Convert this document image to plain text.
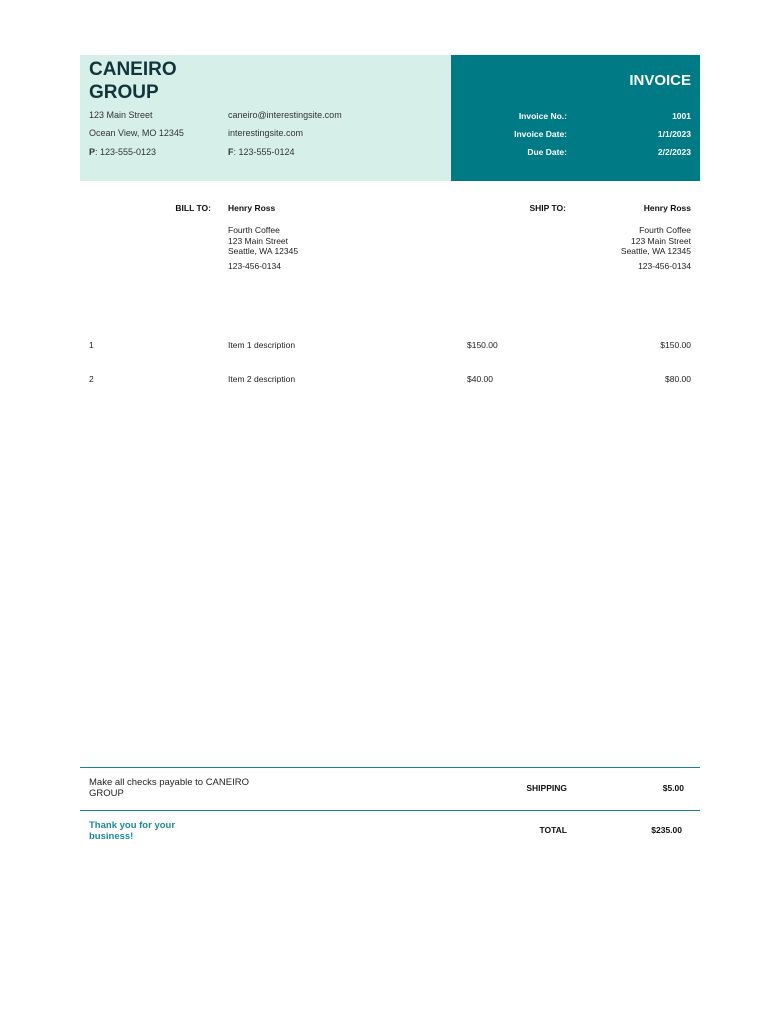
CANEIRO GROUP
123 Main Street
Ocean View, MO 12345
P: 123-555-0123
caneiro@interestingsite.com
interestingsite.com
F: 123-555-0124
INVOICE
Invoice No.:	1001
Invoice Date:	1/1/2023
Due Date:	2/2/2023
BILL TO: Henry Ross
Fourth Coffee
123 Main Street
Seattle, WA 12345
123-456-0134
SHIP TO:	Henry Ross
Fourth Coffee
123 Main Street
Seattle, WA 12345
123-456-0134
1	Item 1 description	$150.00	$150.00
2	Item 2 description	$40.00	$80.00
Make all checks payable to CANEIRO GROUP	SHIPPING	$5.00
Thank you for your business!
TOTAL	$235.00
